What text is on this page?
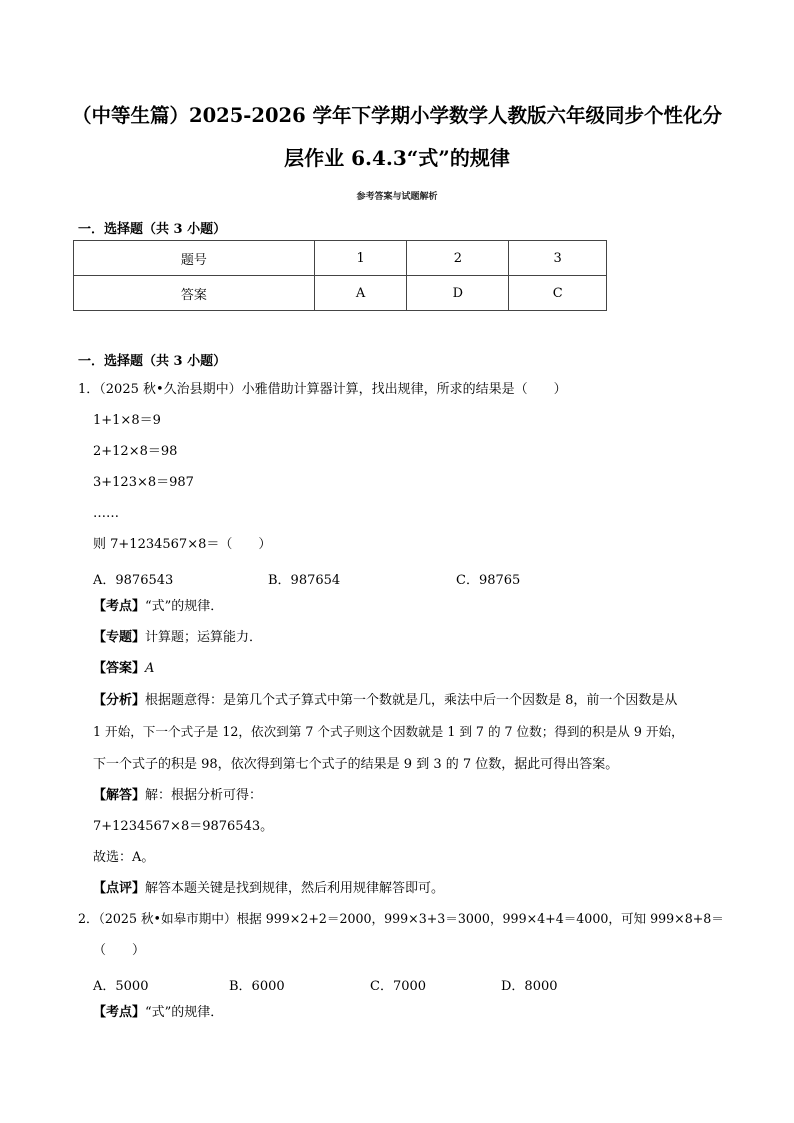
（中等生篇）2025-2026 学年下学期小学数学人教版六年级同步个性化分
层作业 6.4.3“式”的规律
参考答案与试题解析
一．选择题（共 3 小题）
题号	1	2	3
答案	A	D	C
一．选择题（共 3 小题）
1．（2025 秋•久治县期中）小雅借助计算器计算，找出规律，所求的结果是（　　）
1+1×8＝9
2+12×8＝98
3+123×8＝987
……
则 7+1234567×8＝（　　）
A．9876543	B．987654	C．98765
【考点】“式”的规律．
【专题】计算题；运算能力．
【答案】A
【分析】根据题意得：是第几个式子算式中第一个数就是几，乘法中后一个因数是 8，前一个因数是从
1 开始，下一个式子是 12，依次到第 7 个式子则这个因数就是 1 到 7 的 7 位数；得到的积是从 9 开始，
下一个式子的积是 98，依次得到第七个式子的结果是 9 到 3 的 7 位数，据此可得出答案。
【解答】解：根据分析可得：
7+1234567×8＝9876543。
故选：A。
【点评】解答本题关键是找到规律，然后利用规律解答即可。
2．（2025 秋•如皋市期中）根据 999×2+2＝2000，999×3+3＝3000，999×4+4＝4000，可知 999×8+8＝
（　　）
A．5000	B．6000	C．7000	D．8000
【考点】“式”的规律．
